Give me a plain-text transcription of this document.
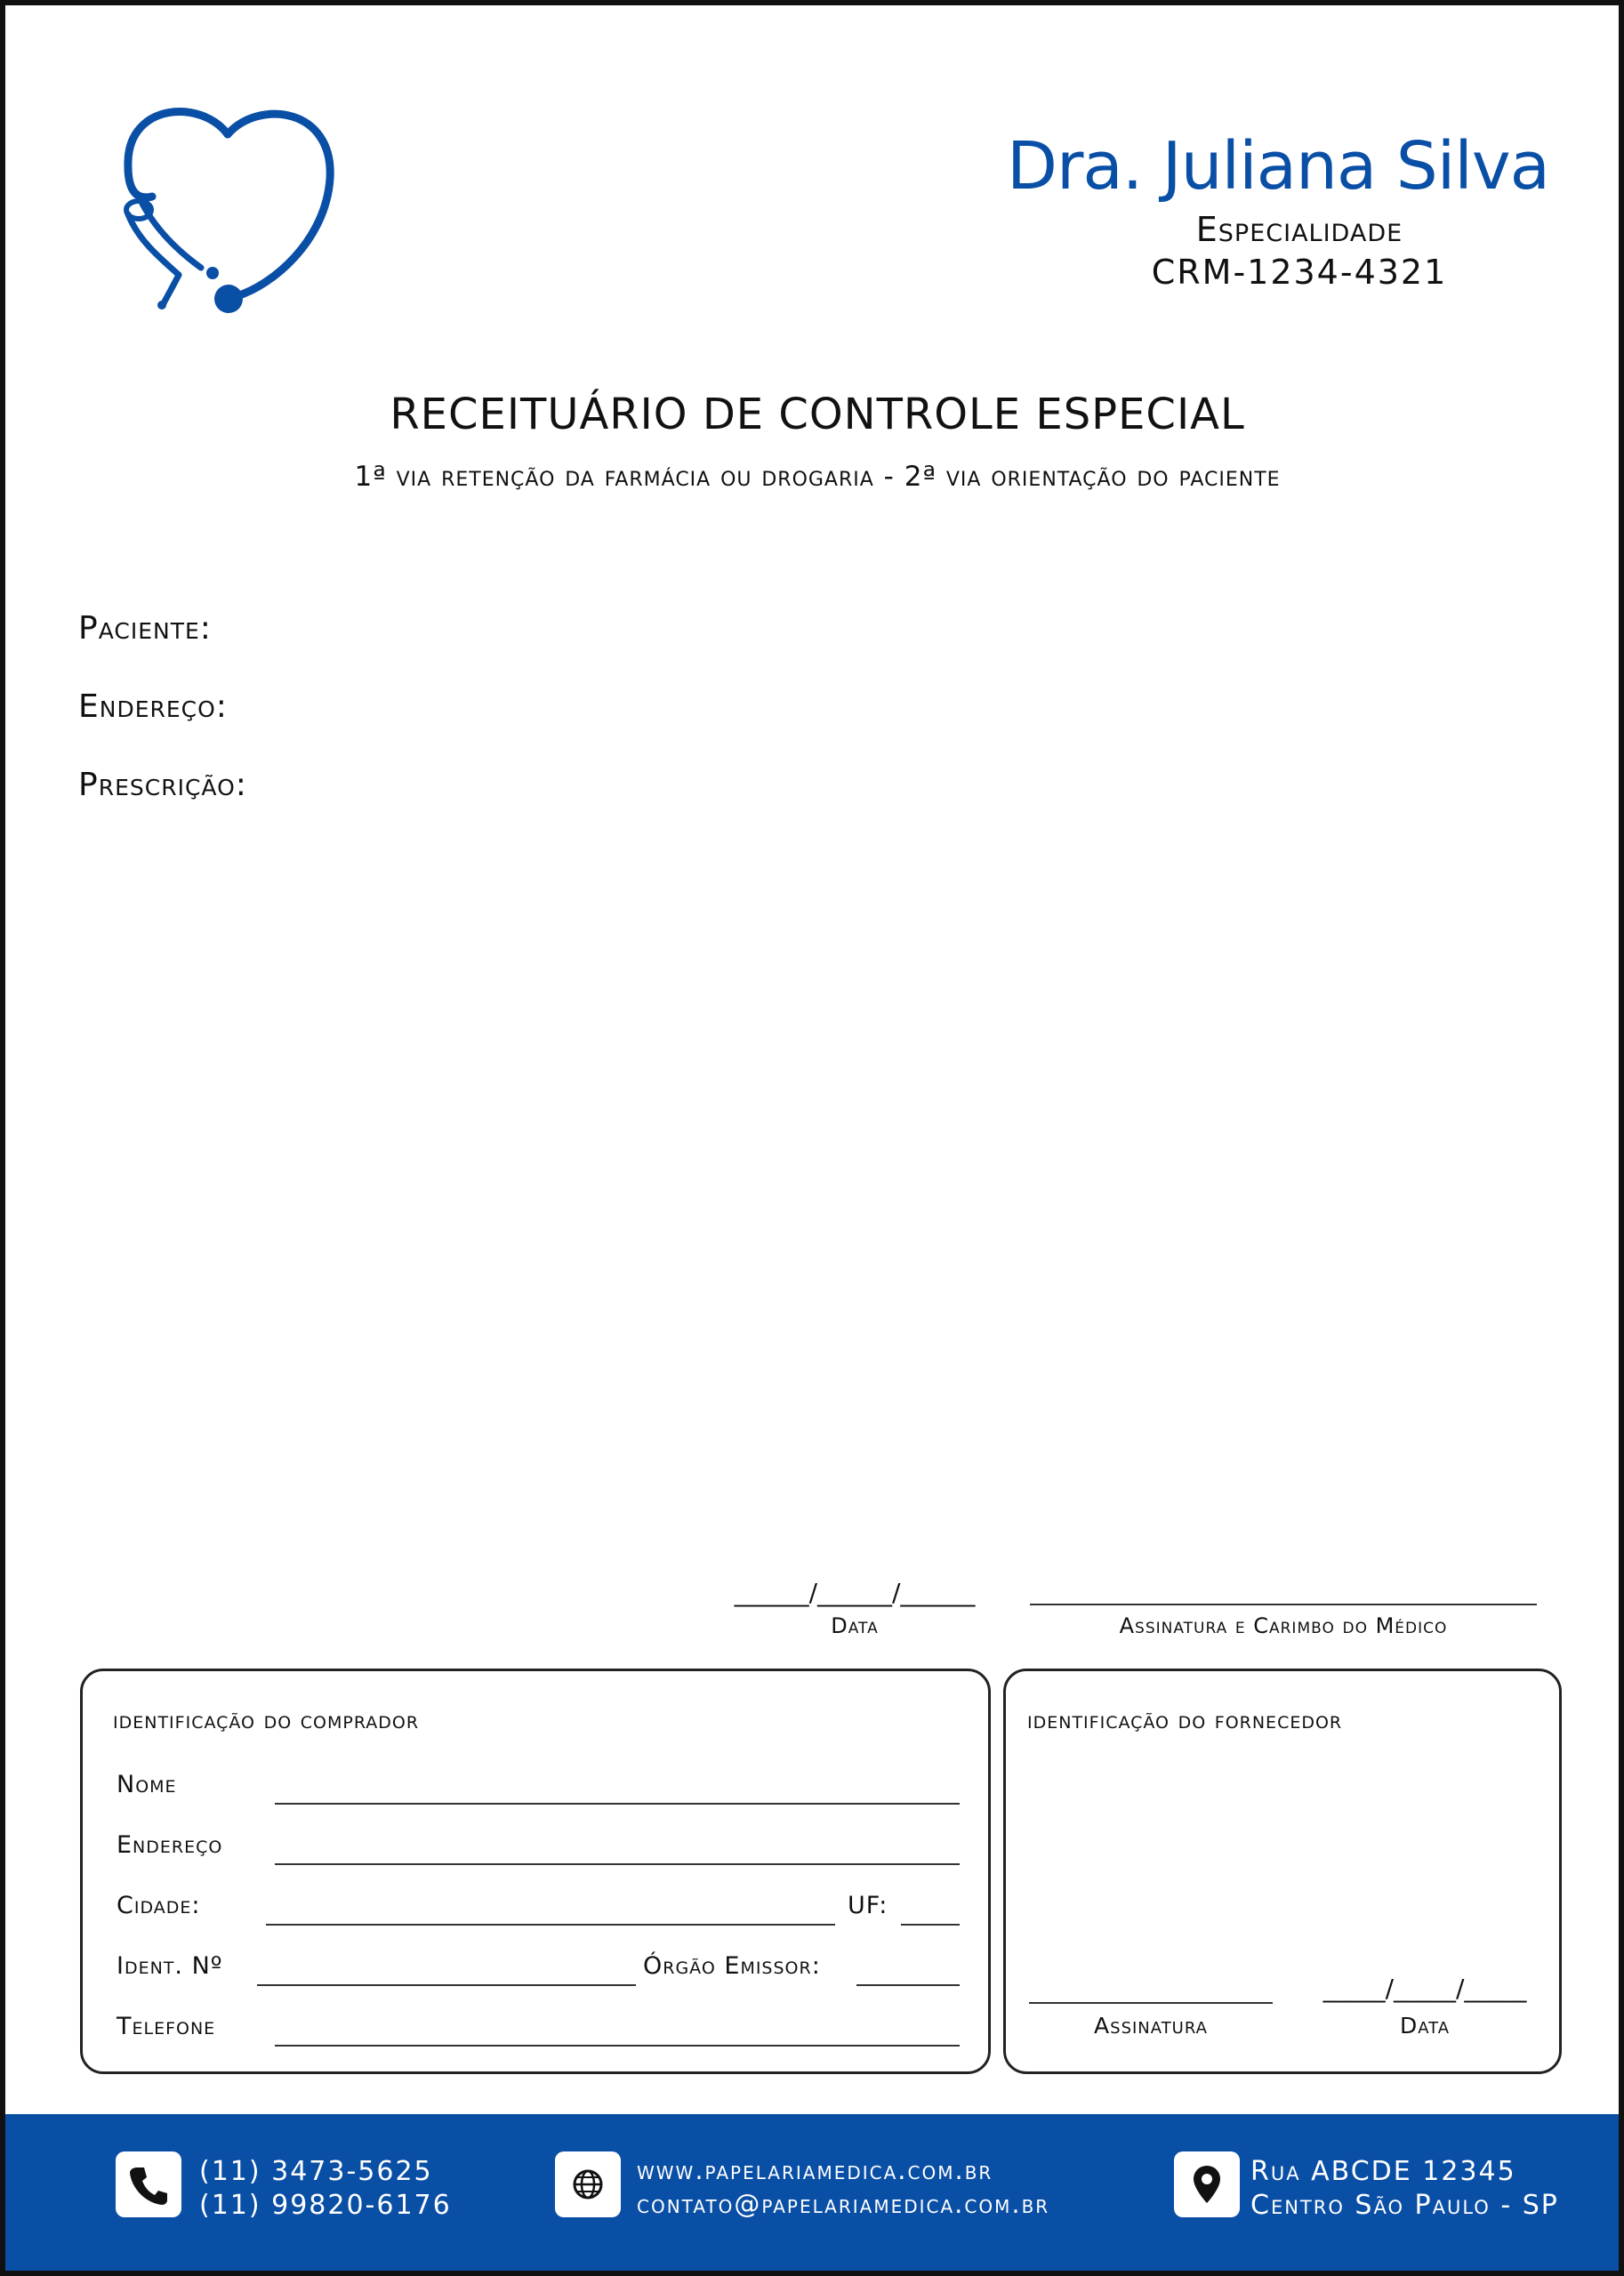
Dra. Juliana Silva
Especialidade
CRM-1234-4321
RECEITUÁRIO DE CONTROLE ESPECIAL
1ª via retenção da farmácia ou drogaria - 2ª via orientação do paciente
Paciente:
Endereço:
Prescrição:
______/______/______
Data	Assinatura e Carimbo do Médico
identificação do comprador
Nome
Endereço
Cidade:	UF:
Ident. Nº	Órgão Emissor:
Telefone
identificação do fornecedor
_____/_____/_____
Assinatura	Data
(11) 3473-5625
(11) 99820-6176
www.papelariamedica.com.br
contato@papelariamedica.com.br
Rua ABCDE 12345
Centro São Paulo - SP
